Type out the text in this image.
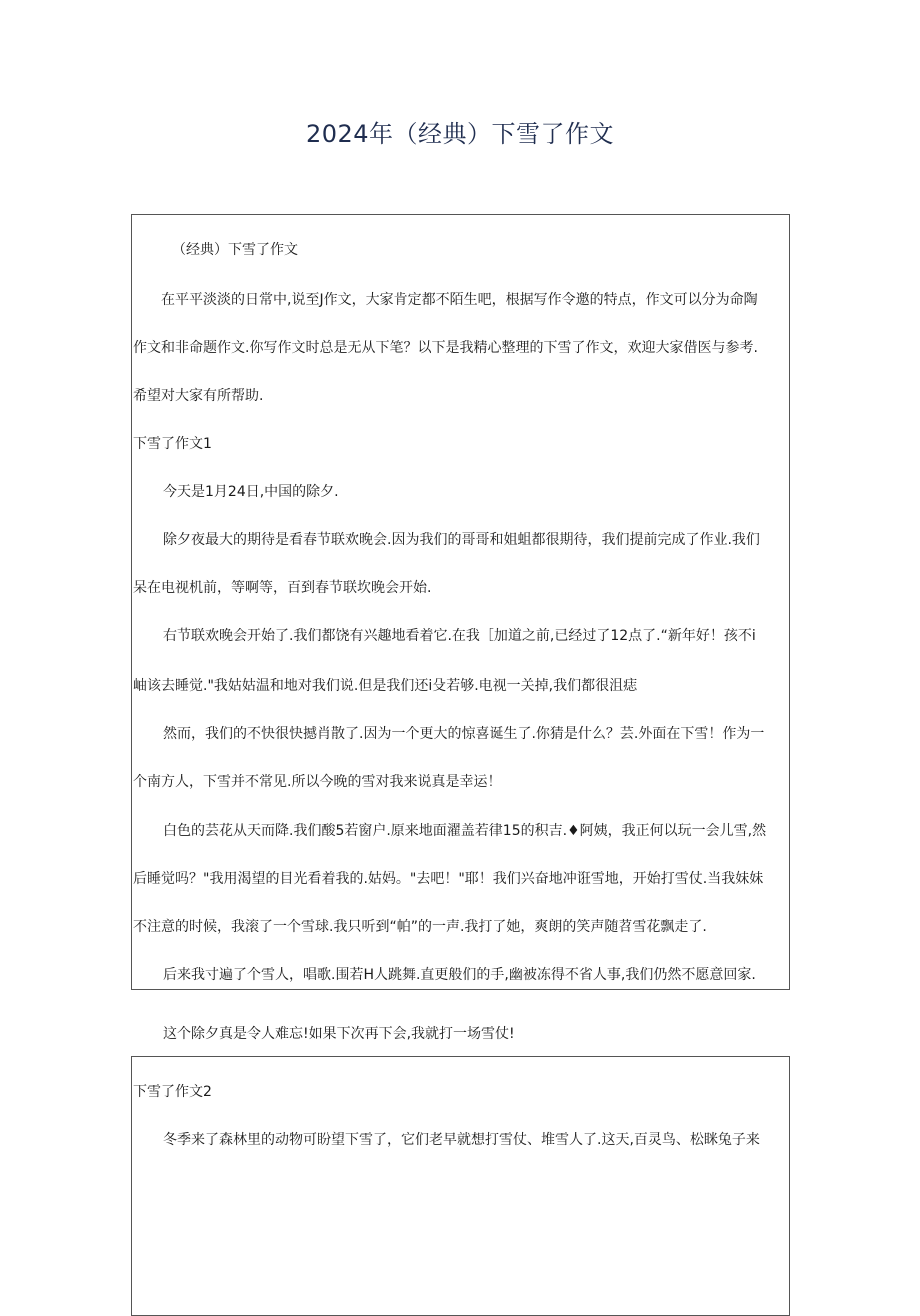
2024年（经典）下雪了作文
（经典）下雪了作文
在平平淡淡的日常中,说至J作文，大家肯定都不陌生吧，根据写作令邀的特点，作文可以分为命陶
作文和非命题作文.你写作文时总是无从下笔？以下是我精心整理的下雪了作文，欢迎大家借医与参考.
希望对大家有所帮助.
下雪了作文1
今天是1月24日,中国的除夕.
除夕夜最大的期待是看春节联欢晚会.因为我们的哥哥和姐蛆都很期待，我们提前完成了作业.我们
呆在电视机前，等啊等，百到春节联坎晚会开始.
右节联欢晚会开始了.我们都饶有兴趣地看着它.在我［加道之前,已经过了12点了.“新年好！孩不i
岫该去睡觉."我姑姑温和地对我们说.但是我们还i殳若够.电视一关掉,我们都很沮痣
然而，我们的不快很快撼肖散了.因为一个更大的惊喜诞生了.你猜是什么？芸.外面在下雪！作为一
个南方人，下雪并不常见.所以今晚的雪对我来说真是幸运！
白色的芸花从天而降.我们酸5若窗户.原来地面濯盖若律15的积吉.♦阿姨，我正何以玩一会儿雪,然
后睡觉吗？"我用渴望的目光看着我的.姑妈。"去吧！"耶！我们兴奋地冲诳雪地，开始打雪仗.当我妹妹
不注意的时候，我滚了一个雪球.我只听到“帕”的一声.我打了她，爽朗的笑声随苕雪花飘走了.
后来我寸遍了个雪人，唱歌.围若H人跳舞.直更般们的手,幽被冻得不省人事,我们仍然不愿意回家.
这个除夕真是令人难忘!如果下次再下会,我就打一场雪仗!
下雪了作文2
冬季来了森林里的动物可盼望下雪了，它们老早就想打雪仗、堆雪人了.这天,百灵鸟、松眯兔子来
